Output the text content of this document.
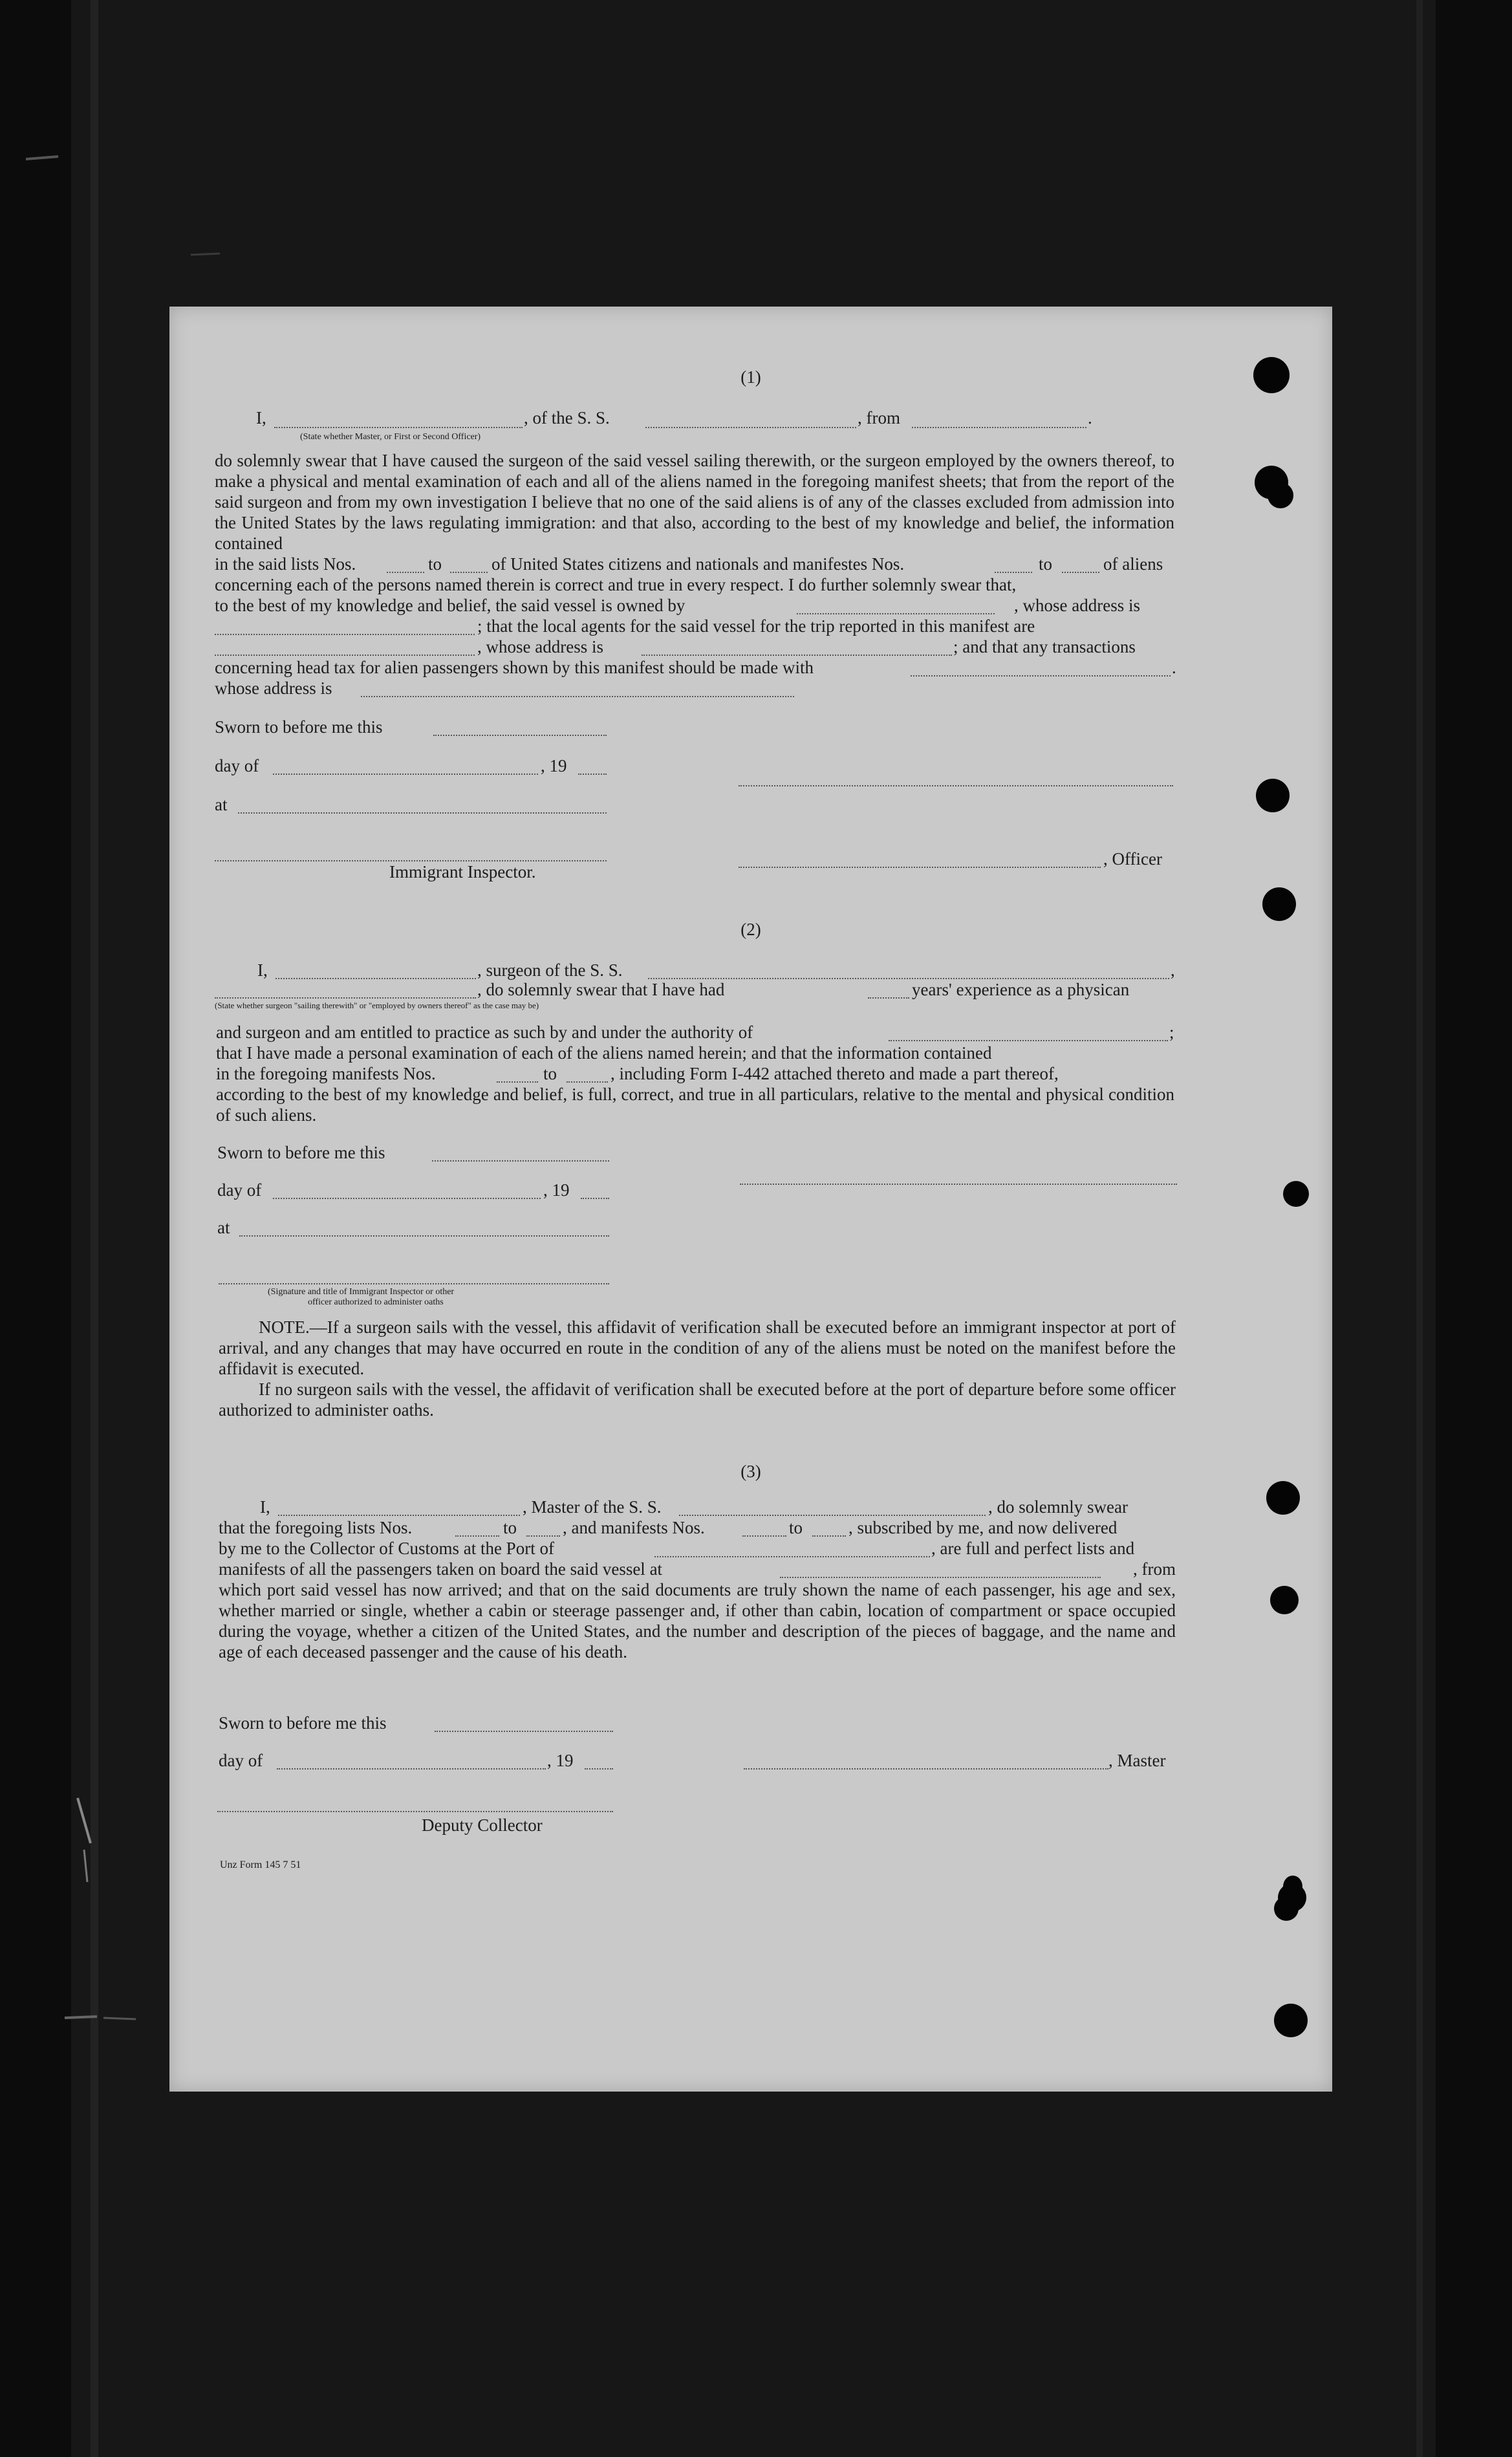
(1)
I,	, of the S. S.	, from	.
(State whether Master, or First or Second Officer)
do solemnly swear that I have caused the surgeon of the said vessel sailing therewith, or the surgeon employed by the owners thereof, to make a physical and mental examination of each and all of the aliens named in the foregoing manifest sheets; that from the report of the said surgeon and from my own investigation I believe that no one of the said aliens is of any of the classes excluded from admission into the United States by the laws regulating immigration: and that also, according to the best of my knowledge and belief, the information contained
in the said lists Nos.	to	of United States citizens and nationals and manifestes Nos.	to	of aliens
concerning each of the persons named therein is correct and true in every respect. I do further solemnly swear that,
to the best of my knowledge and belief, the said vessel is owned by	, whose address is
; that the local agents for the said vessel for the trip reported in this manifest are
, whose address is	; and that any transactions
concerning head tax for alien passengers shown by this manifest should be made with	.
whose address is
Sworn to before me this
day of	, 19
at
, Officer
Immigrant Inspector.
(2)
I,	, surgeon of the S. S.	,
, do solemnly swear that I have had	years' experience as a physican
(State whether surgeon "sailing therewith" or "employed by owners thereof" as the case may be)
and surgeon and am entitled to practice as such by and under the authority of	;
that I have made a personal examination of each of the aliens named herein; and that the information contained
in the foregoing manifests Nos.	to	, including Form I-442 attached thereto and made a part thereof,
according to the best of my knowledge and belief, is full, correct, and true in all particulars, relative to the mental and physical condition of such aliens.
Sworn to before me this
day of	, 19
at
(Signature and title of Immigrant Inspector or other
officer authorized to administer oaths
NOTE.—If a surgeon sails with the vessel, this affidavit of verification shall be executed before an immigrant inspector at port of arrival, and any changes that may have occurred en route in the condition of any of the aliens must be noted on the manifest before the affidavit is executed.
If no surgeon sails with the vessel, the affidavit of verification shall be executed before at the port of departure before some officer authorized to administer oaths.
(3)
I,	, Master of the S. S.	, do solemnly swear
that the foregoing lists Nos.	to	, and manifests Nos.	to	, subscribed by me, and now delivered
by me to the Collector of Customs at the Port of	, are full and perfect lists and
manifests of all the passengers taken on board the said vessel at	, from
which port said vessel has now arrived; and that on the said documents are truly shown the name of each passenger, his age and sex, whether married or single, whether a cabin or steerage passenger and, if other than cabin, location of compartment or space occupied during the voyage, whether a citizen of the United States, and the number and description of the pieces of baggage, and the name and age of each deceased passenger and the cause of his death.
Sworn to before me this
day of	, 19	, Master
Deputy Collector
Unz Form 145 7 51
